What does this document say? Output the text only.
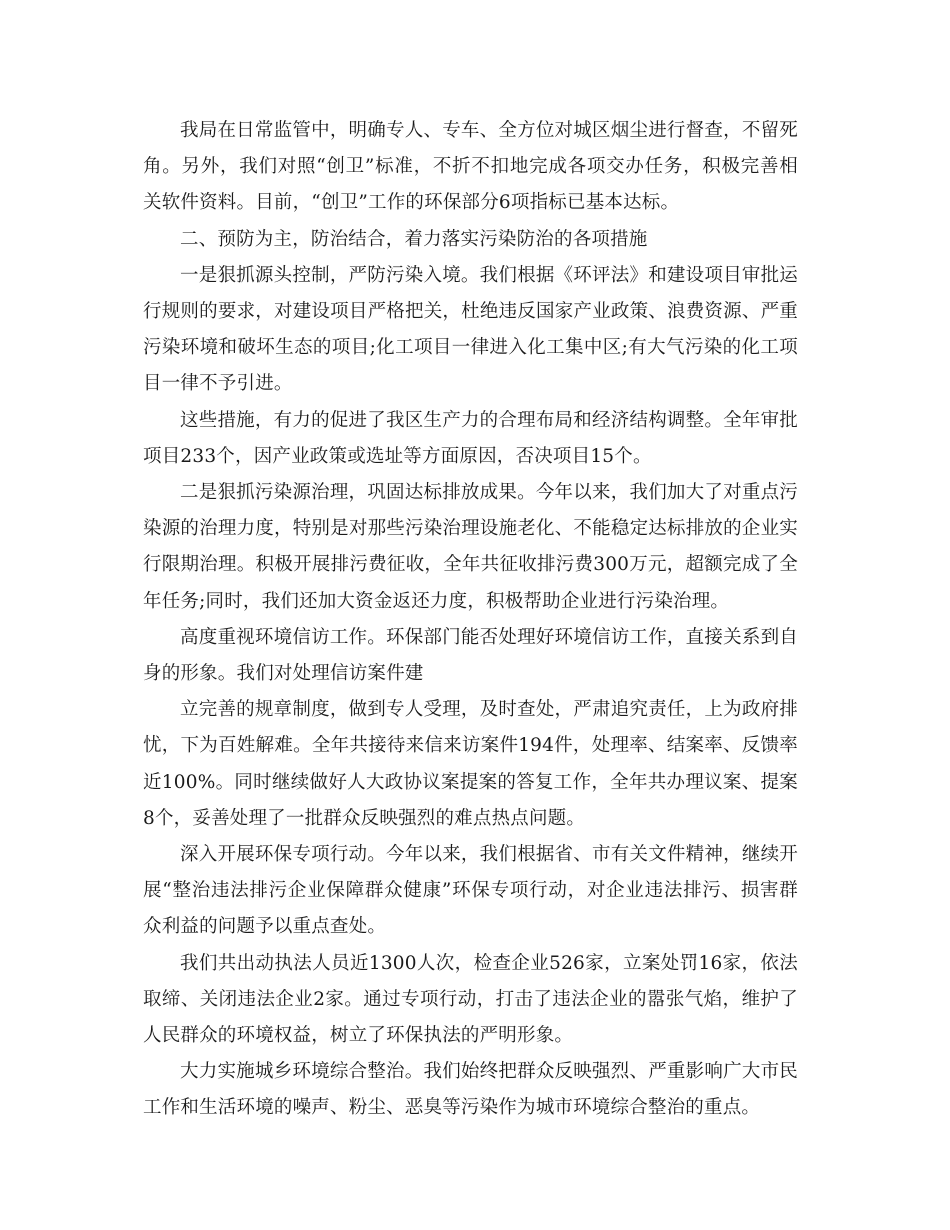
我局在日常监管中，明确专人、专车、全方位对城区烟尘进行督查，不留死角。另外，我们对照“创卫”标准，不折不扣地完成各项交办任务，积极完善相关软件资料。目前，“创卫”工作的环保部分6项指标已基本达标。

二、预防为主，防治结合，着力落实污染防治的各项措施

一是狠抓源头控制，严防污染入境。我们根据《环评法》和建设项目审批运行规则的要求，对建设项目严格把关，杜绝违反国家产业政策、浪费资源、严重污染环境和破坏生态的项目;化工项目一律进入化工集中区;有大气污染的化工项目一律不予引进。

这些措施，有力的促进了我区生产力的合理布局和经济结构调整。全年审批项目233个，因产业政策或选址等方面原因，否决项目15个。

二是狠抓污染源治理，巩固达标排放成果。今年以来，我们加大了对重点污染源的治理力度，特别是对那些污染治理设施老化、不能稳定达标排放的企业实行限期治理。积极开展排污费征收，全年共征收排污费300万元，超额完成了全年任务;同时，我们还加大资金返还力度，积极帮助企业进行污染治理。

高度重视环境信访工作。环保部门能否处理好环境信访工作，直接关系到自身的形象。我们对处理信访案件建

立完善的规章制度，做到专人受理，及时查处，严肃追究责任，上为政府排忧，下为百姓解难。全年共接待来信来访案件194件，处理率、结案率、反馈率近100%。同时继续做好人大政协议案提案的答复工作，全年共办理议案、提案8个，妥善处理了一批群众反映强烈的难点热点问题。

深入开展环保专项行动。今年以来，我们根据省、市有关文件精神，继续开展“整治违法排污企业保障群众健康”环保专项行动，对企业违法排污、损害群众利益的问题予以重点查处。

我们共出动执法人员近1300人次，检查企业526家，立案处罚16家，依法取缔、关闭违法企业2家。通过专项行动，打击了违法企业的嚣张气焰，维护了人民群众的环境权益，树立了环保执法的严明形象。

大力实施城乡环境综合整治。我们始终把群众反映强烈、严重影响广大市民工作和生活环境的噪声、粉尘、恶臭等污染作为城市环境综合整治的重点。
